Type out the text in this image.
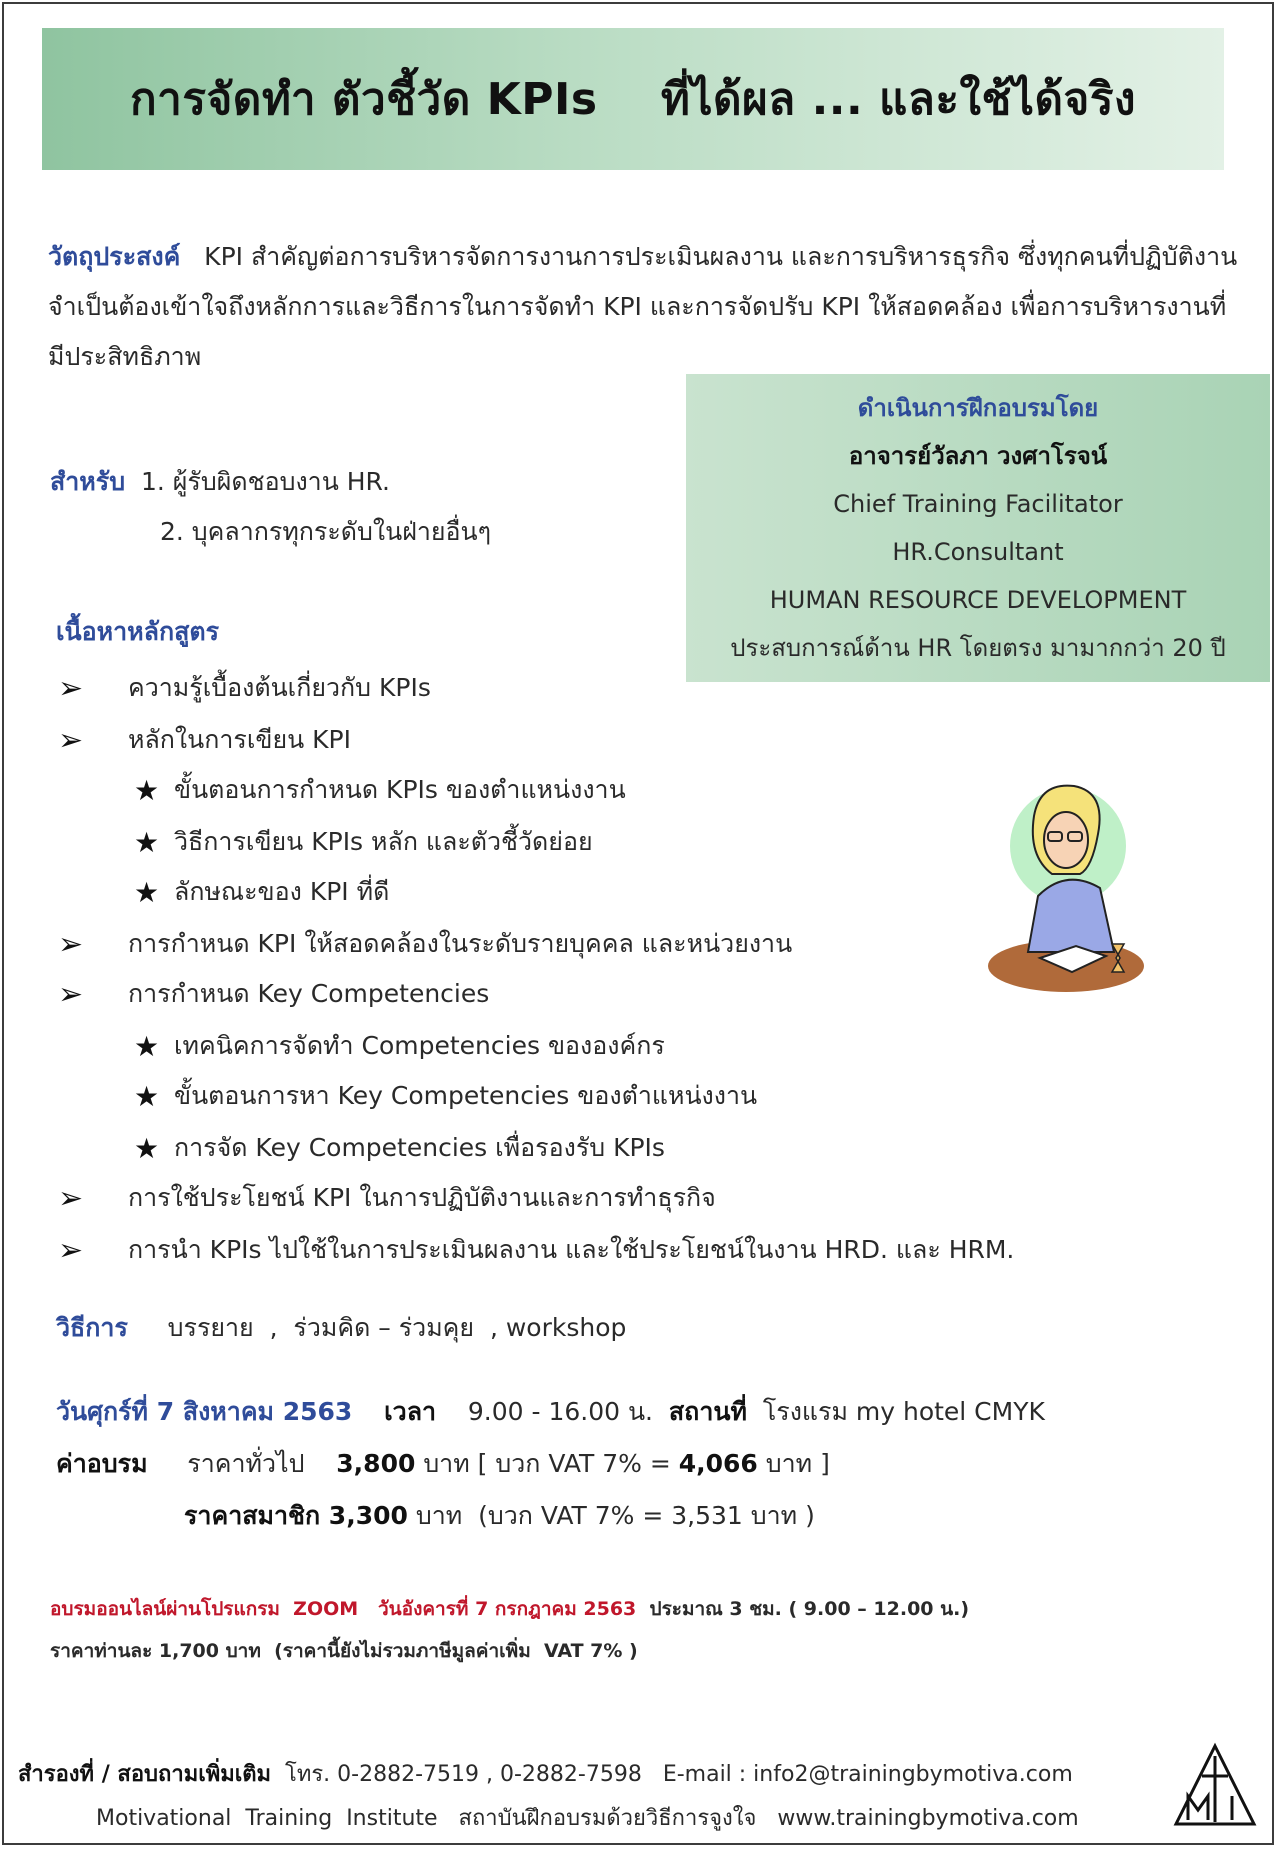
การจัดทำ ตัวชี้วัด KPIs    ที่ได้ผล ... และใช้ได้จริง
วัตถุประสงค์ KPI สำคัญต่อการบริหารจัดการงานการประเมินผลงาน และการบริหารธุรกิจ ซึ่งทุกคนที่ปฏิบัติงานจำเป็นต้องเข้าใจถึงหลักการและวิธีการในการจัดทำ KPI และการจัดปรับ KPI ให้สอดคล้อง เพื่อการบริหารงานที่มีประสิทธิภาพ
ดำเนินการฝึกอบรมโดย
อาจารย์วัลภา วงศาโรจน์
Chief Training Facilitator
HR.Consultant
HUMAN RESOURCE DEVELOPMENT
ประสบการณ์ด้าน HR โดยตรง มามากกว่า 20 ปี
สำหรับ 1. ผู้รับผิดชอบงาน HR.
2. บุคลากรทุกระดับในฝ่ายอื่นๆ
เนื้อหาหลักสูตร
➢	ความรู้เบื้องต้นเกี่ยวกับ KPIs
➢	หลักในการเขียน KPI
★ ขั้นตอนการกำหนด KPIs ของตำแหน่งงาน
★ วิธีการเขียน KPIs หลัก และตัวชี้วัดย่อย
★ ลักษณะของ KPI ที่ดี
➢	การกำหนด KPI ให้สอดคล้องในระดับรายบุคคล และหน่วยงาน
➢	การกำหนด Key Competencies
★ เทคนิคการจัดทำ Competencies ขององค์กร
★ ขั้นตอนการหา Key Competencies ของตำแหน่งงาน
★ การจัด Key Competencies เพื่อรองรับ KPIs
➢	การใช้ประโยชน์ KPI ในการปฏิบัติงานและการทำธุรกิจ
➢	การนำ KPIs ไปใช้ในการประเมินผลงาน และใช้ประโยชน์ในงาน HRD. และ HRM.
วิธีการ บรรยาย  ,  ร่วมคิด – ร่วมคุย  , workshop
วันศุกร์ที่ 7 สิงหาคม 2563 เวลา 9.00 - 16.00 น. สถานที่ โรงแรม my hotel CMYK
ค่าอบรม ราคาทั่วไป 3,800 บาท [ บวก VAT 7% = 4,066 บาท ]
ราคาสมาชิก 3,300 บาท  (บวก VAT 7% = 3,531 บาท )
อบรมออนไลน์ผ่านโปรแกรม  ZOOM   วันอังคารที่ 7 กรกฎาคม 2563 ประมาณ 3 ชม. ( 9.00 – 12.00 น.)
ราคาท่านละ 1,700 บาท  (ราคานี้ยังไม่รวมภาษีมูลค่าเพิ่ม  VAT 7% )
สำรองที่ / สอบถามเพิ่มเติม โทร. 0-2882-7519 , 0-2882-7598   E-mail : info2@trainingbymotiva.com
Motivational  Training  Institute   สถาบันฝึกอบรมด้วยวิธีการจูงใจ   www.trainingbymotiva.com
